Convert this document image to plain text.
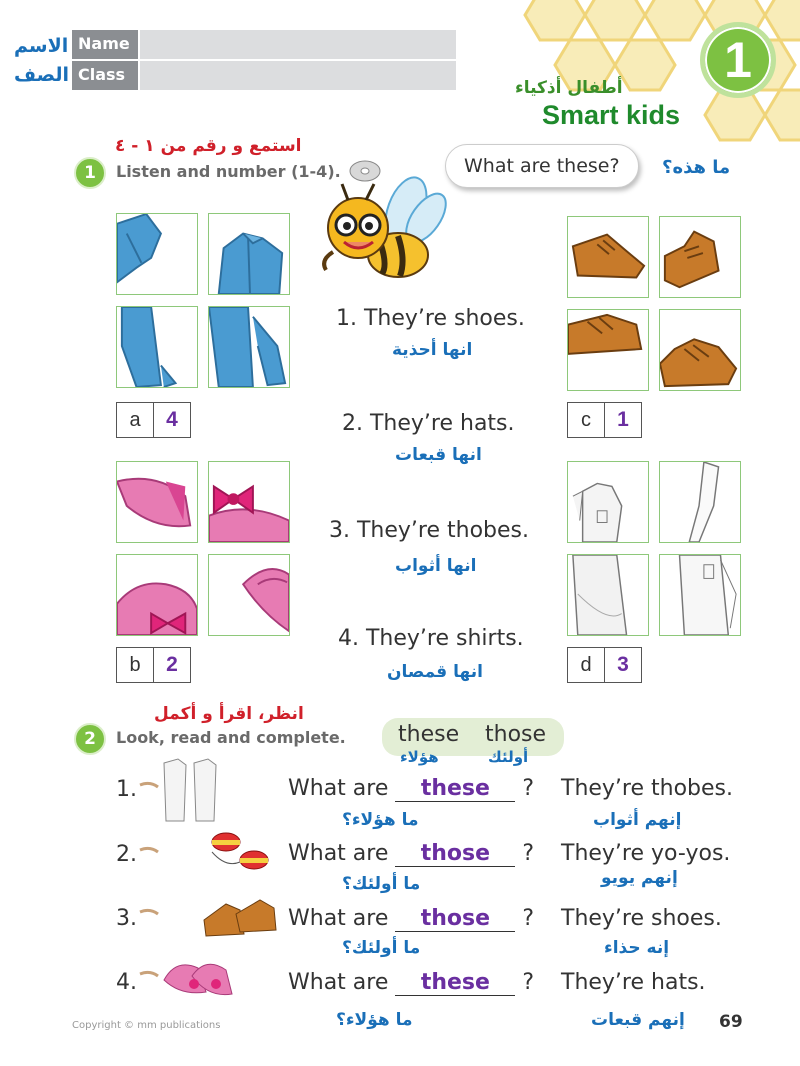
الاسم
الصف
Name
Class	1
أطفال أذكياء
Smart kids
استمع و رقم من ١ - ٤
1	Listen and number (1-4).	What are these?	ما هذه؟
a	4	c	1
b	2	d	3
1. They’re shoes.
انها أحذية
2. They’re hats.
انها قبعات
3. They’re thobes.
انها أثواب
4. They’re shirts.
انها قمصان
انظر، اقرأ و أكمل
2	Look, read and complete. these those
هؤلاء	أولئك
1.	What are these ? They’re thobes.
ما هؤلاء؟	إنهم أثواب
2.	What are those ? They’re yo-yos.
ما أولئك؟	إنهم يويو
3.	What are those ? They’re shoes.
ما أولئك؟	إنه حذاء
4.	What are these ? They’re hats.
ما هؤلاء؟	إنهم قبعات
Copyright © mm publications	69
